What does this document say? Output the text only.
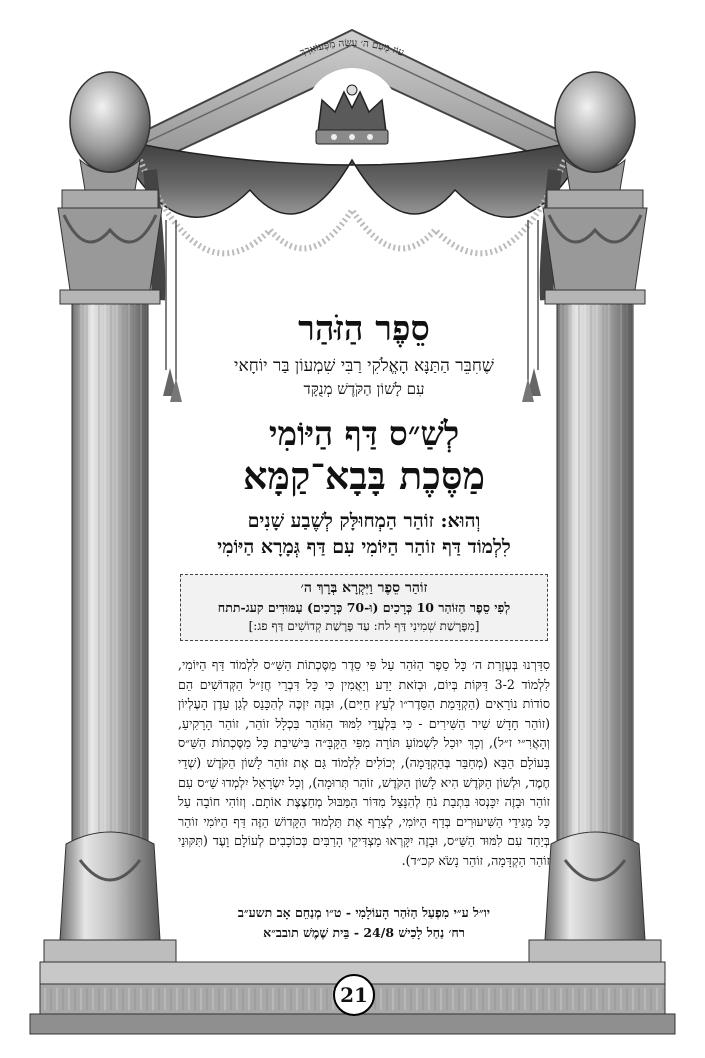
עוֹז מֵעַם ה׳ עִשָּׂה מִפְּעוֹאִרָךְ
סֵפֶר הַזֹּהַר
שֶׁחִבֵּר הַתַּנָּא הָאֱלֹקִי רַבִּי שִׁמְעוֹן בַּר יוֹחָאי
עִם לָשׁוֹן הַקֹּדֶשׁ מְנֻקָּד
לְשַׁ״ס דַּף הַיּוֹמִי
מַסֶּכֶת בָּבָא־קַמָּא
וְהוּא: זוֹהַר הַמְחוּלָּק לְשֶׁבַע שָׁנִים
לִלְמוֹד דַּף זוֹהַר הַיּוֹמִי עִם דַּף גְּמָרָא הַיּוֹמִי
זוֹהַר סֵפֶר וַיִּקְרָא בְּרָךְ ה׳
לְפִי סֵפֶר הַזּוֹהַר 10 כְּרָכִים (וּ-70 כְּרָכִים) עַמּוּדִים קעג-תתח
[מִפָּרָשַׁת שְׁמִינִי דַּף לח: עַד פָּרָשַׁת קְדוֹשִׁים דַּף פג:]
סִדַּרְנוּ בְּעֶזְרַת ה׳ כָּל סֵפֶר הַזֹּהַר עַל פִּי סֵדֶר מַסֶּכְתוֹת הַשַּׁ״ס לִלְמוֹד דַּף הַיּוֹמִי, לִלְמוֹד 3-2 דַּקּוֹת בְּיוֹם, וּבְזֹאת יֵדַע וְיַאֲמִין כִּי כָּל דִּבְרֵי חֲזַ״ל הַקְּדוֹשִׁים הֵם סוֹדוֹת נוֹרָאִים (הַקְדָּמַת הַסֵּדֶר״ו לְעֵץ חַיִּים), וּבָזֶה יִזְכֶּה לְהִכָּנֵס לְגַן עֵדֶן הָעֶלְיוֹן (זוֹהַר חָדָשׁ שִׁיר הַשִּׁירִים - כִּי בִּלְעֲדֵי לִמּוּד הַזּוֹהַר בִּכְלָל זוֹהַר, זוֹהַר הָרָקִיעַ, וְהָאֲרִ״י ז״ל), וְכָךְ יוּכַל לִשְׁמוֹעַ תּוֹרָה מִפִּי הַקָּבָּ״ה בִּישִׁיבַת כָּל מַסֶּכְתוֹת הַשַּׁ״ס בָּעוֹלָם הַבָּא (מְחַבֵּר בְּהַקְדָּמָה), יְכוֹלִים לִלְמוֹד גַּם אֶת זוֹהַר לָשׁוֹן הַקֹּדֶשׁ (שְׁדֵי חֶמֶד, וּלְשׁוֹן הַקֹּדֶשׁ הִיא לָשׁוֹן הַקֹּדֶשׁ, זוֹהַר תְּרוּמָה), וְכָל יִשְׂרָאֵל יִלְמְדוּ שַׁ״ס עִם זוֹהַר וּבָזֶה יִכָּנְסוּ בִּתְבַת נֹחַ לְהִנָּצֵל מִדּוֹר הַמַּבּוּל מְחַצֶּצֶת אוֹתָם. וְזוֹהִי חוֹבָה עַל כָּל מַגִּידֵי הַשִּׁיעוּרִים בְּדַף הַיּוֹמִי, לְצָרֵף אֶת תַּלְמוּד הַקָּדוֹשׁ הַזֶּה דַּף הַיּוֹמִי זוֹהַר בְּיַחַד עִם לִמּוּד הַשַּׁ״ס, וּבָזֶה יִקָּרְאוּ מַצְדִּיקֵי הָרַבִּים כְּכוֹכָבִים לְעוֹלָם וָעֶד (תִּקּוּנֵי זוֹהַר הַקְדָּמָה, זוֹהַר נָשֹׂא קכ״ד).
יו״ל ע״י מִפְעַל הַזֹּהַר הָעוֹלָמִי - ט״ו מְנַחֵם אָב תשע״ב
רח׳ נַחַל לָכִישׁ 24/8 - בֵּית שֶׁמֶשׁ תובב״א
21
